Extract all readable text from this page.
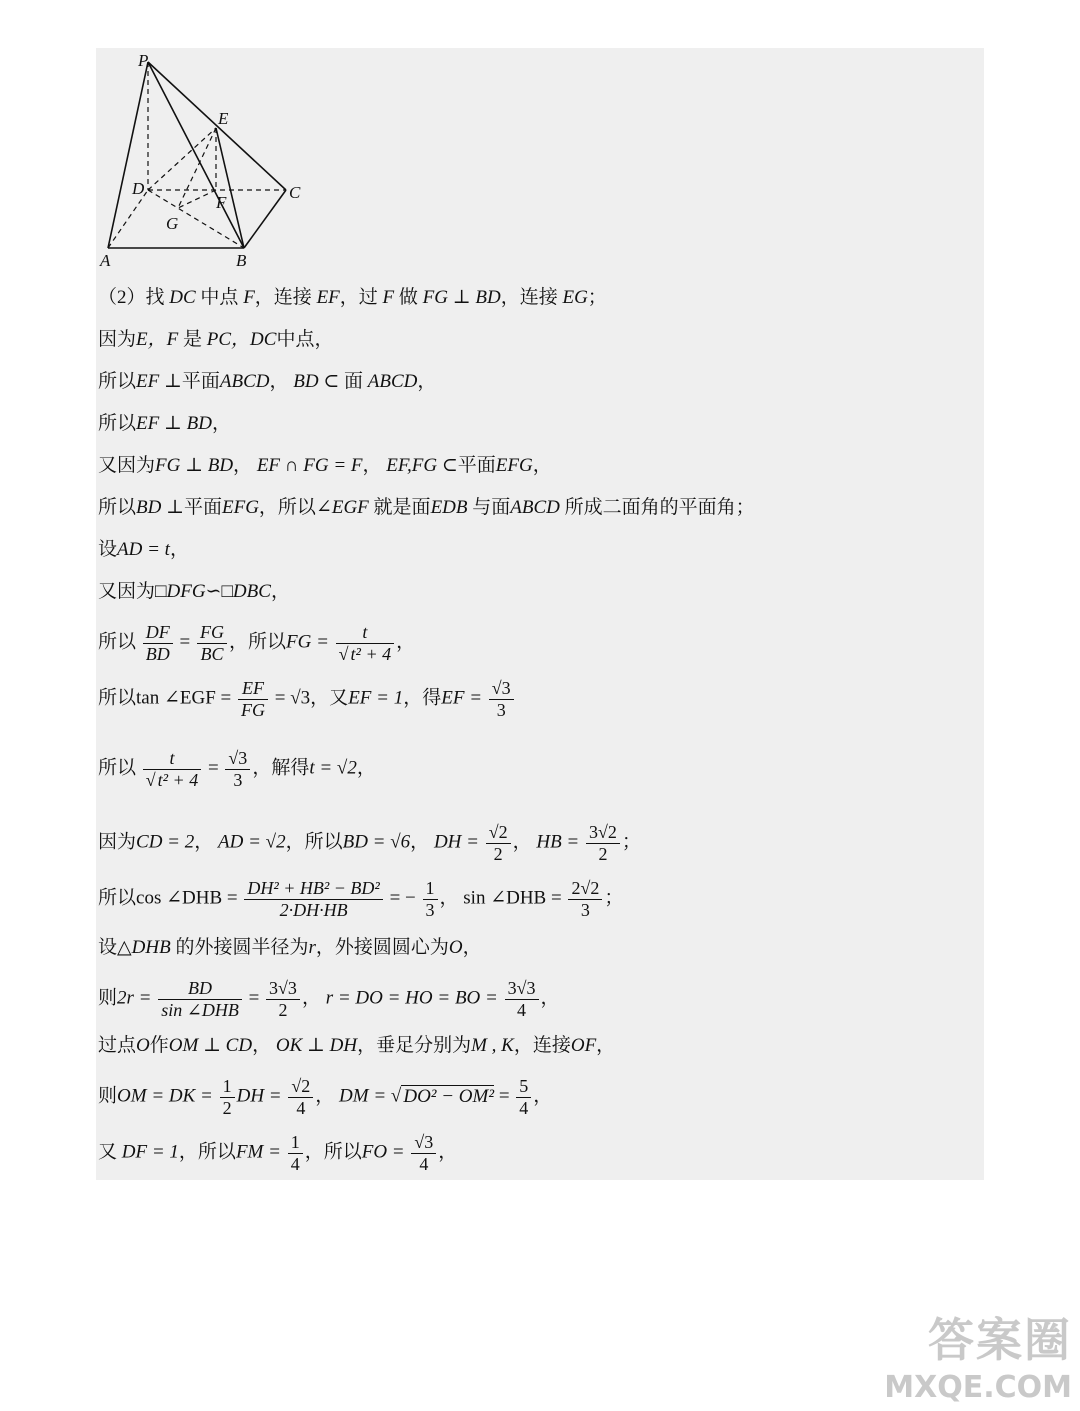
P
E
D	C
F
G
A	B
（2）找 DC 中点 F，连接 EF，过 F 做 FG ⊥ BD，连接 EG；
因为E，F 是 PC，DC中点，
所以EF ⊥平面ABCD， BD ⊂ 面 ABCD，
所以EF ⊥ BD，
又因为FG ⊥ BD， EF ∩ FG = F， EF,FG ⊂平面EFG，
所以BD ⊥平面EFG，所以∠EGF 就是面EDB 与面ABCD 所成二面角的平面角；
设AD = t，
又因为□DFG∽□DBC，
所以 $\frac{DF}{BD} = \frac{FG}{BC}$ ，所以FG = $\frac{t}{\text{√ t² + 4}}$ ，
所以tan ∠EGF = $\frac{EF}{FG} = √3$，又EF = 1，得EF = $\frac{√3}{3}$
所以 $\frac{t}{\text{√ t² + 4}} = \frac{√3}{3}$ ，解得t = √2，
因为CD = 2， AD = √2，所以BD = √6， DH = $\frac{√2}{2}$ ， HB = $\frac{3√2}{2}$ ；
所以cos ∠DHB = $\frac{\text{DH² + HB² − BD²}}{2\cdot DH\cdot HB}$ = − $\frac{1}{3}$ ， sin ∠DHB = $\frac{2√2}{3}$ ；
设△DHB 的外接圆半径为r，外接圆圆心为O，
则$2r = \frac{BD}{\text{sin ∠DHB}} = \frac{3√3}{2}$ ， r = DO = HO = BO = $\frac{3√3}{4}$ ，
过点O作OM ⊥ CD， OK ⊥ DH，垂足分别为M , K，连接OF，
则OM = DK = $\frac{1}{2}$ DH = $\frac{√2}{4}$ ， DM = √ $DO^2 - OM^2 = \frac{5}{4}$ ，
又 DF = 1，所以FM = $\frac{1}{4}$ ，所以FO = $\frac{√3}{4}$ ，
答案圈
MXQE.COM
